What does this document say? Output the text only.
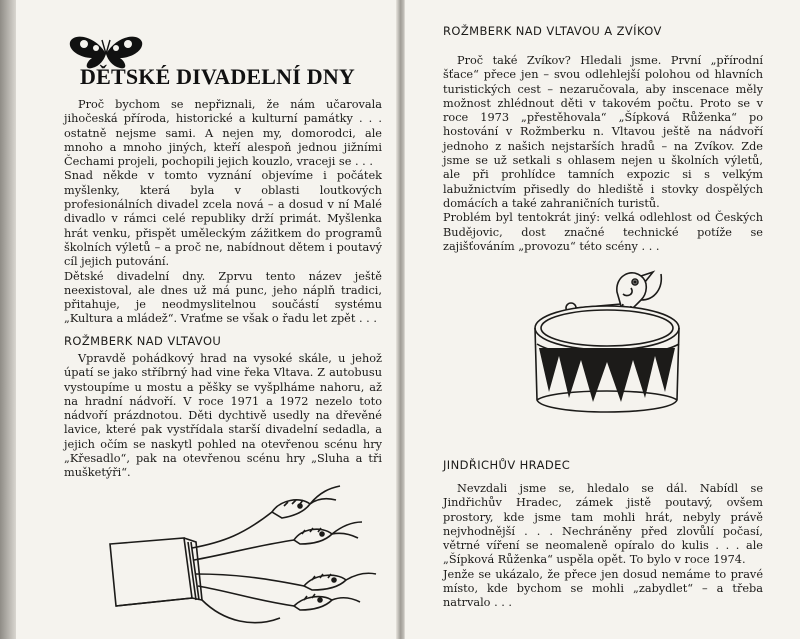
DĚTSKÉ DIVADELNÍ DNY

Proč bychom se nepřiznali, že nám učarovala jihočeská příroda, historické a kulturní památky . . . ostatně nejsme sami. A nejen my, domorodci, ale mnoho a mnoho jiných, kteří alespoň jednou jižními Čechami projeli, pochopili jejich kouzlo, vraceji se . . .

Snad někde v tomto vyznání objevíme i počátek myšlenky, která byla v oblasti loutkových profesionálních divadel zcela nová – a dosud v ní Malé divadlo v rámci celé republiky drží primát. Myšlenka hrát venku, přispět uměleckým zážitkem do programů školních výletů – a proč ne, nabídnout dětem i poutavý cíl jejich putování.

Dětské divadelní dny. Zprvu tento název ještě neexistoval, ale dnes už má punc, jeho náplň tradici, přitahuje, je neodmyslitelnou součástí systému „Kultura a mládež“. Vraťme se však o řadu let zpět . . .

ROŽMBERK NAD VLTAVOU

Vpravdě pohádkový hrad na vysoké skále, u jehož úpatí se jako stříbrný had vine řeka Vltava. Z autobusu vystoupíme u mostu a pěšky se vyšplháme nahoru, až na hradní nádvoří. V roce 1971 a 1972 nezelo toto nádvoří prázdnotou. Děti dychtivě usedly na dřevěné lavice, které pak vystřídala starší divadelní sedadla, a jejich očím se naskytl pohled na otevřenou scénu hry „Křesadlo“, pak na otevřenou scénu hry „Sluha a tři mušketýři“.

ROŽMBERK NAD VLTAVOU A ZVÍKOV

Proč také Zvíkov? Hledali jsme. První „přírodní šťace“ přece jen – svou odlehlejší polohou od hlavních turistických cest – nezaručovala, aby inscenace měly možnost zhlédnout děti v takovém počtu. Proto se v roce 1973 „přestěhovala“ „Šípková Růženka“ po hostování v Rožmberku n. Vltavou ještě na nádvoří jednoho z našich nejstarších hradů – na Zvíkov. Zde jsme se už setkali s ohlasem nejen u školních výletů, ale při prohlídce tamních expozic si s velkým labužnictvím přisedly do hlediště i stovky dospělých domácích a také zahraničních turistů.

Problém byl tentokrát jiný: velká odlehlost od Českých Budějovic, dost značné technické potíže se zajišťováním „provozu“ této scény . . .

JINDŘICHŮV HRADEC

Nevzdali jsme se, hledalo se dál. Nabídl se Jindřichův Hradec, zámek jistě poutavý, ovšem prostory, kde jsme tam mohli hrát, nebyly právě nejvhodnější . . . Nechráněny před zlovůlí počasí, větrné víření se neomaleně opíralo do kulis . . . ale „Šípková Růženka“ uspěla opět. To bylo v roce 1974.

Jenže se ukázalo, že přece jen dosud nemáme to pravé místo, kde bychom se mohli „zabydlet“ – a třeba natrvalo . . .
